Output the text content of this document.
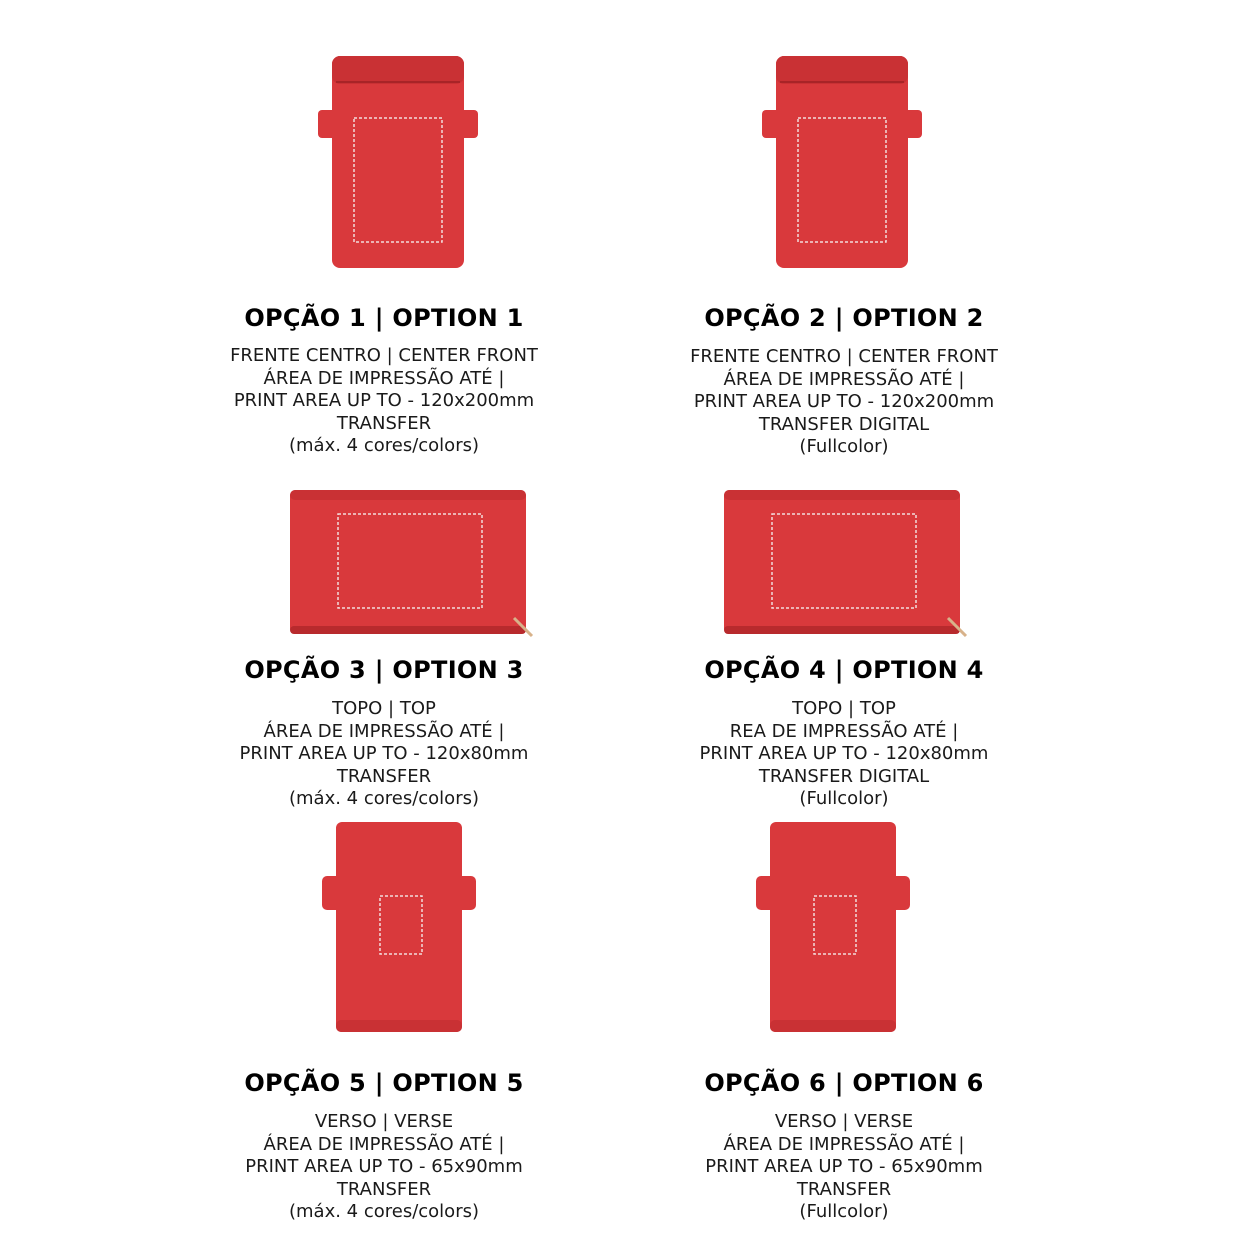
OPÇÃO 1 | OPTION 1
FRENTE CENTRO | CENTER FRONT
ÁREA DE IMPRESSÃO ATÉ |
PRINT AREA UP TO - 120x200mm
TRANSFER
(máx. 4 cores/colors)
OPÇÃO 2 | OPTION 2
FRENTE CENTRO | CENTER FRONT
ÁREA DE IMPRESSÃO ATÉ |
PRINT AREA UP TO - 120x200mm
TRANSFER DIGITAL
(Fullcolor)
OPÇÃO 3 | OPTION 3
TOPO | TOP
ÁREA DE IMPRESSÃO ATÉ |
PRINT AREA UP TO - 120x80mm
TRANSFER
(máx. 4 cores/colors)
OPÇÃO 4 | OPTION 4
TOPO | TOP
REA DE IMPRESSÃO ATÉ |
PRINT AREA UP TO - 120x80mm
TRANSFER DIGITAL
(Fullcolor)
OPÇÃO 5 | OPTION 5
VERSO | VERSE
ÁREA DE IMPRESSÃO ATÉ |
PRINT AREA UP TO - 65x90mm
TRANSFER
(máx. 4 cores/colors)
OPÇÃO 6 | OPTION 6
VERSO | VERSE
ÁREA DE IMPRESSÃO ATÉ |
PRINT AREA UP TO - 65x90mm
TRANSFER
(Fullcolor)
